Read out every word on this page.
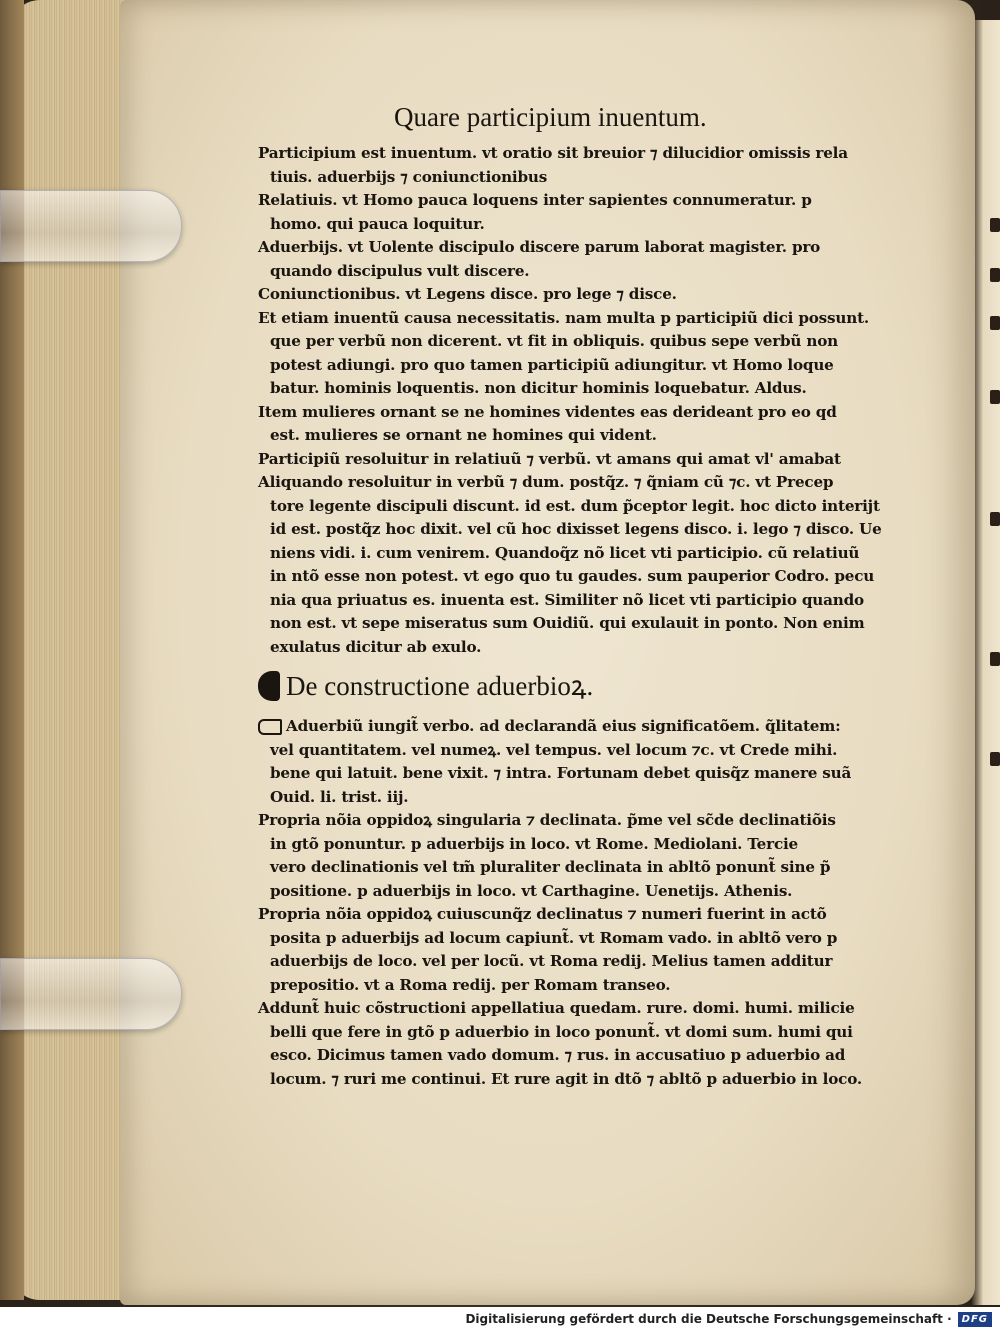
Quare participium inuentum.
Participium est inuentum. vt oratio sit breuior ⁊ dilucidior omissis rela
tiuis. aduerbijs ⁊ coniunctionibus
Relatiuis. vt Homo pauca loquens inter sapientes connumeratur. p
homo. qui pauca loquitur.
Aduerbijs. vt Uolente discipulo discere parum laborat magister. pro
quando discipulus vult discere.
Coniunctionibus. vt Legens disce. pro lege ⁊ disce.
Et etiam inuentũ causa necessitatis. nam multa p participiũ dici possunt.
que per verbũ non dicerent. vt fit in obliquis. quibus sepe verbũ non
potest adiungi. pro quo tamen participiũ adiungitur. vt Homo loque
batur. hominis loquentis. non dicitur hominis loquebatur. Aldus.
Item mulieres ornant se ne homines videntes eas derideant pro eo qd
est. mulieres se ornant ne homines qui vident.
Participiũ resoluitur in relatiuũ ⁊ verbũ. vt amans qui amat vl' amabat
Aliquando resoluitur in verbũ ⁊ dum. postq̃z. ⁊ q̃niam cũ ⁊c. vt Precep
tore legente discipuli discunt. id est. dum p̃ceptor legit. hoc dicto interijt
id est. postq̃z hoc dixit. vel cũ hoc dixisset legens disco. i. lego ⁊ disco. Ue
niens vidi. i. cum venirem. Quandoq̃z nõ licet vti participio. cũ relatiuũ
in ntõ esse non potest. vt ego quo tu gaudes. sum pauperior Codro. pecu
nia qua priuatus es. inuenta est. Similiter nõ licet vti participio quando
non est. vt sepe miseratus sum Ouidiũ. qui exulauit in ponto. Non enim
exulatus dicitur ab exulo.
De constructione aduerbioꝝ.
Aduerbiũ iungit̃ verbo. ad declarandã eius significatõem. q̃litatem:
vel quantitatem. vel numeꝝ. vel tempus. vel locum ⁊c. vt Crede mihi.
bene qui latuit. bene vixit. ⁊ intra. Fortunam debet quisq̃z manere suã
Ouid. li. trist. iij.
Propria nõia oppidoꝝ singularia ⁊ declinata. p̃me vel sc̃de declinatiõis
in gtõ ponuntur. p aduerbijs in loco. vt Rome. Mediolani. Tercie
vero declinationis vel tm̃ pluraliter declinata in abltõ ponunt̃ sine p̃
positione. p aduerbijs in loco. vt Carthagine. Uenetijs. Athenis.
Propria nõia oppidoꝝ cuiuscunq̃z declinatus ⁊ numeri fuerint in actõ
posita p aduerbijs ad locum capiunt̃. vt Romam vado. in abltõ vero p
aduerbijs de loco. vel per locũ. vt Roma redij. Melius tamen additur
prepositio. vt a Roma redij. per Romam transeo.
Addunt̃ huic cõstructioni appellatiua quedam. rure. domi. humi. milicie
belli que fere in gtõ p aduerbio in loco ponunt̃. vt domi sum. humi qui
esco. Dicimus tamen vado domum. ⁊ rus. in accusatiuo p aduerbio ad
locum. ⁊ ruri me continui. Et rure agit in dtõ ⁊ abltõ p aduerbio in loco.
Digitalisierung gefördert durch die Deutsche Forschungsgemeinschaft ·	DFG
